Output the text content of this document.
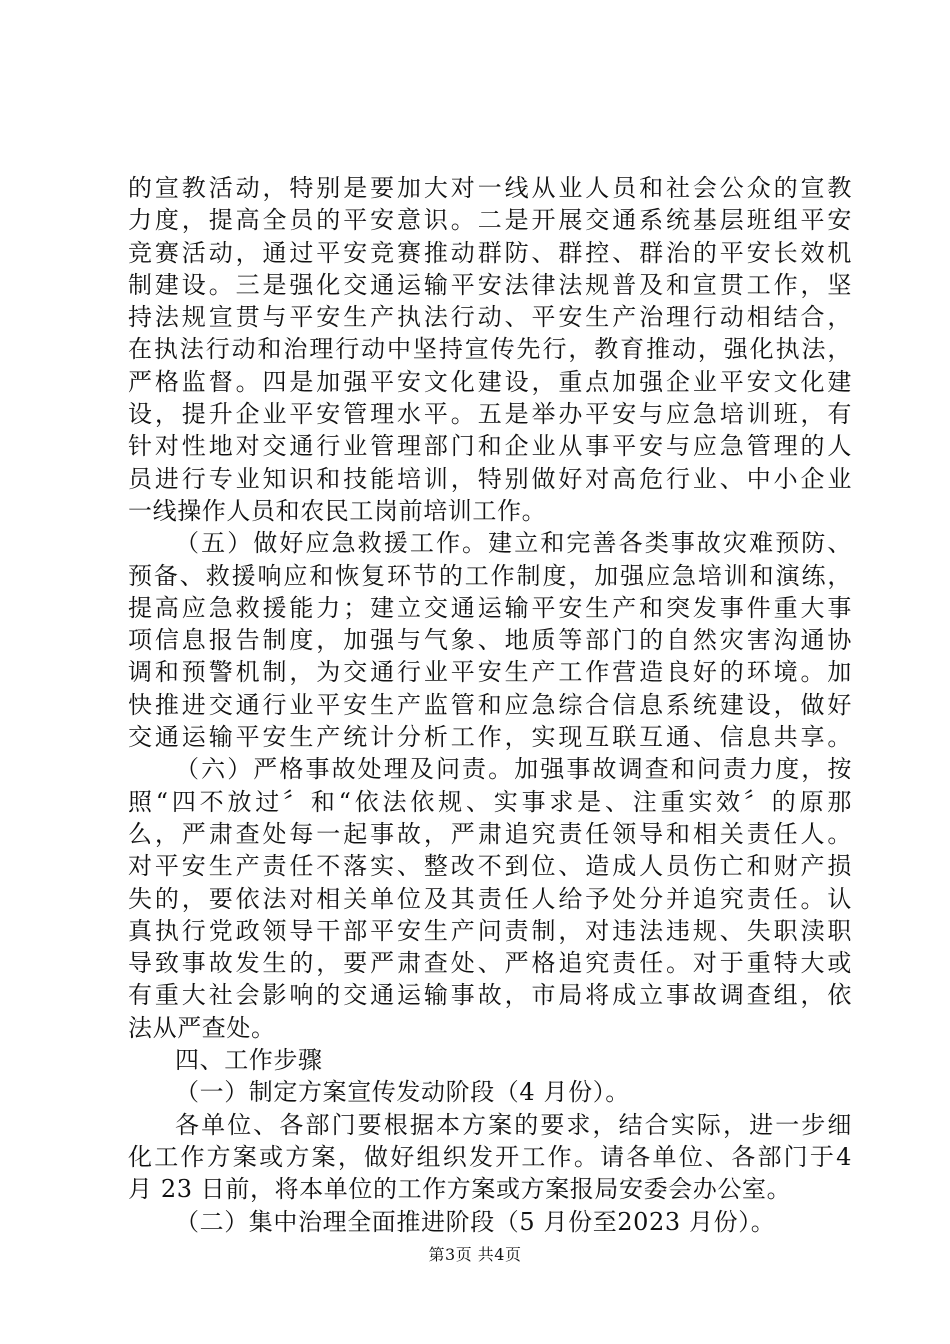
的宣教活动，特别是要加大对一线从业人员和社会公众的宣教
力度，提高全员的平安意识。二是开展交通系统基层班组平安
竞赛活动，通过平安竞赛推动群防、群控、群治的平安长效机
制建设。三是强化交通运输平安法律法规普及和宣贯工作，坚
持法规宣贯与平安生产执法行动、平安生产治理行动相结合，
在执法行动和治理行动中坚持宣传先行，教育推动，强化执法，
严格监督。四是加强平安文化建设，重点加强企业平安文化建
设，提升企业平安管理水平。五是举办平安与应急培训班，有
针对性地对交通行业管理部门和企业从事平安与应急管理的人
员进行专业知识和技能培训，特别做好对高危行业、中小企业
一线操作人员和农民工岗前培训工作。
（五）做好应急救援工作。建立和完善各类事故灾难预防、
预备、救援响应和恢复环节的工作制度，加强应急培训和演练，
提高应急救援能力；建立交通运输平安生产和突发事件重大事
项信息报告制度，加强与气象、地质等部门的自然灾害沟通协
调和预警机制，为交通行业平安生产工作营造良好的环境。加
快推进交通行业平安生产监管和应急综合信息系统建设，做好
交通运输平安生产统计分析工作，实现互联互通、信息共享。
（六）严格事故处理及问责。加强事故调查和问责力度，按
照“四不放过〞和“依法依规、实事求是、注重实效〞的原那
么，严肃查处每一起事故，严肃追究责任领导和相关责任人。
对平安生产责任不落实、整改不到位、造成人员伤亡和财产损
失的，要依法对相关单位及其责任人给予处分并追究责任。认
真执行党政领导干部平安生产问责制，对违法违规、失职渎职
导致事故发生的，要严肃查处、严格追究责任。对于重特大或
有重大社会影响的交通运输事故，市局将成立事故调查组，依
法从严查处。
四、工作步骤
（一）制定方案宣传发动阶段（4 月份）。
各单位、各部门要根据本方案的要求，结合实际，进一步细
化工作方案或方案，做好组织发开工作。请各单位、各部门于4
月 23 日前，将本单位的工作方案或方案报局安委会办公室。
（二）集中治理全面推进阶段（5 月份至2023 月份）。
第3页 共4页
